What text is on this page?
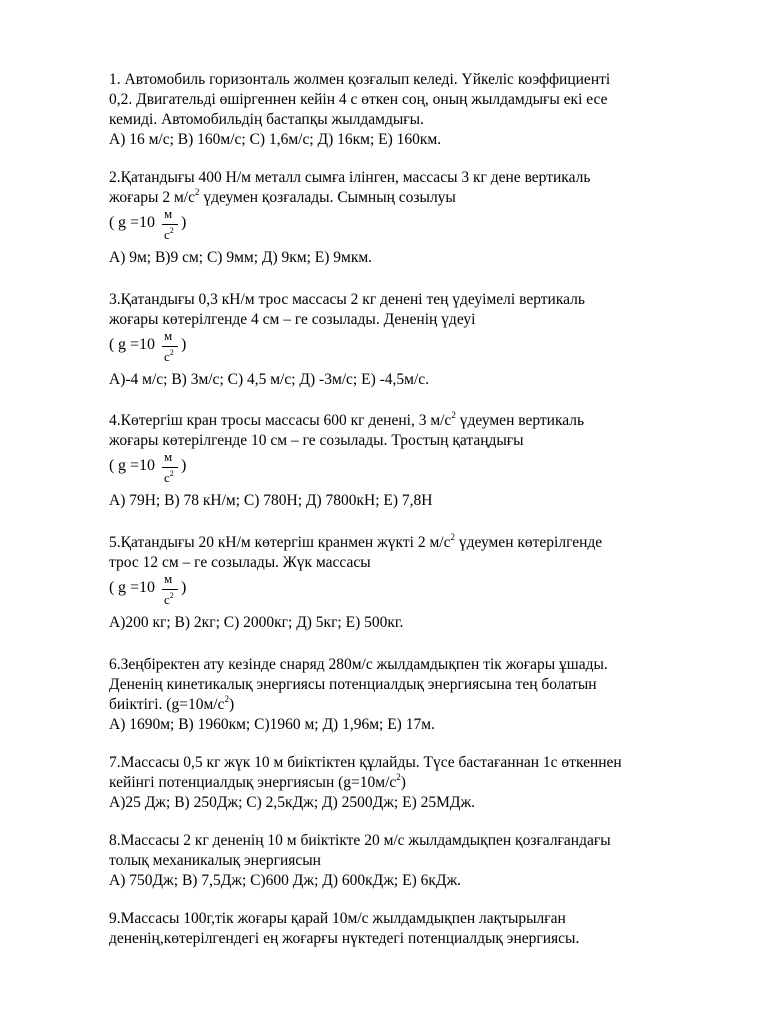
1. Автомобиль горизонталь жолмен қозғалып келеді. Үйкеліс коэффициенті
0,2. Двигательді өшіргеннен кейін 4 с өткен соң, оның жылдамдығы екі есе
кемиді. Автомобильдің бастапқы жылдамдығы.
А) 16 м/с; В) 160м/с; С) 1,6м/с; Д) 16км; Е) 160км.
2.Қатандығы 400 Н/м металл сымға ілінген, массасы 3 кг дене вертикаль
жоғары 2 $м/с^2$ үдеумен қозғалады. Сымның созылуы
( g =10
м
$с^2$ )
А) 9м; В)9 см; С) 9мм; Д) 9км; Е) 9мкм.
3.Қатандығы 0,3 кН/м трос массасы 2 кг денені тең үдеуімелі вертикаль
жоғары көтерілгенде 4 см – ге созылады. Дененің үдеуі
( g =10
м
$с^2$ )
А)-4 м/с; В) 3м/с; С) 4,5 м/с; Д) -3м/с; Е) -4,5м/с.
4.Көтергіш кран тросы массасы 600 кг денені, 3 $м/с^2$ үдеумен вертикаль
жоғары көтерілгенде 10 см – ге созылады. Тростың қатаңдығы
( g =10
м
$с^2$ )
А) 79Н; В) 78 кН/м; С) 780Н; Д) 7800кН; Е) 7,8Н
5.Қатандығы 20 кН/м көтергіш кранмен жүкті 2 $м/с^2$ үдеумен көтерілгенде
трос 12 см – ге созылады. Жүк массасы
( g =10
м
$с^2$ )
А)200 кг; В) 2кг; С) 2000кг; Д) 5кг; Е) 500кг.
6.Зеңбіректен ату кезінде снаряд 280м/с жылдамдықпен тік жоғары ұшады.
Дененің кинетикалық энергиясы потенциалдық энергиясына тең болатын
биіктігі. $(g=10м/с^2)$
А) 1690м; В) 1960км; С)1960 м; Д) 1,96м; Е) 17м.
7.Массасы 0,5 кг жүк 10 м биіктіктен құлайды. Түсе бастағаннан 1с өткеннен
кейінгі потенциалдық энергиясын $(g=10м/с^2)$
А)25 Дж; В) 250Дж; С) 2,5кДж; Д) 2500Дж; Е) 25МДж.
8.Массасы 2 кг дененің 10 м биіктікте 20 м/с жылдамдықпен қозғалғандағы
толық механикалық энергиясын
А) 750Дж; В) 7,5Дж; С)600 Дж; Д) 600кДж; Е) 6кДж.
9.Массасы 100г,тік жоғары қарай 10м/с жылдамдықпен лақтырылған
дененің,көтерілгендегі ең жоғарғы нүктедегі потенциалдық энергиясы.
